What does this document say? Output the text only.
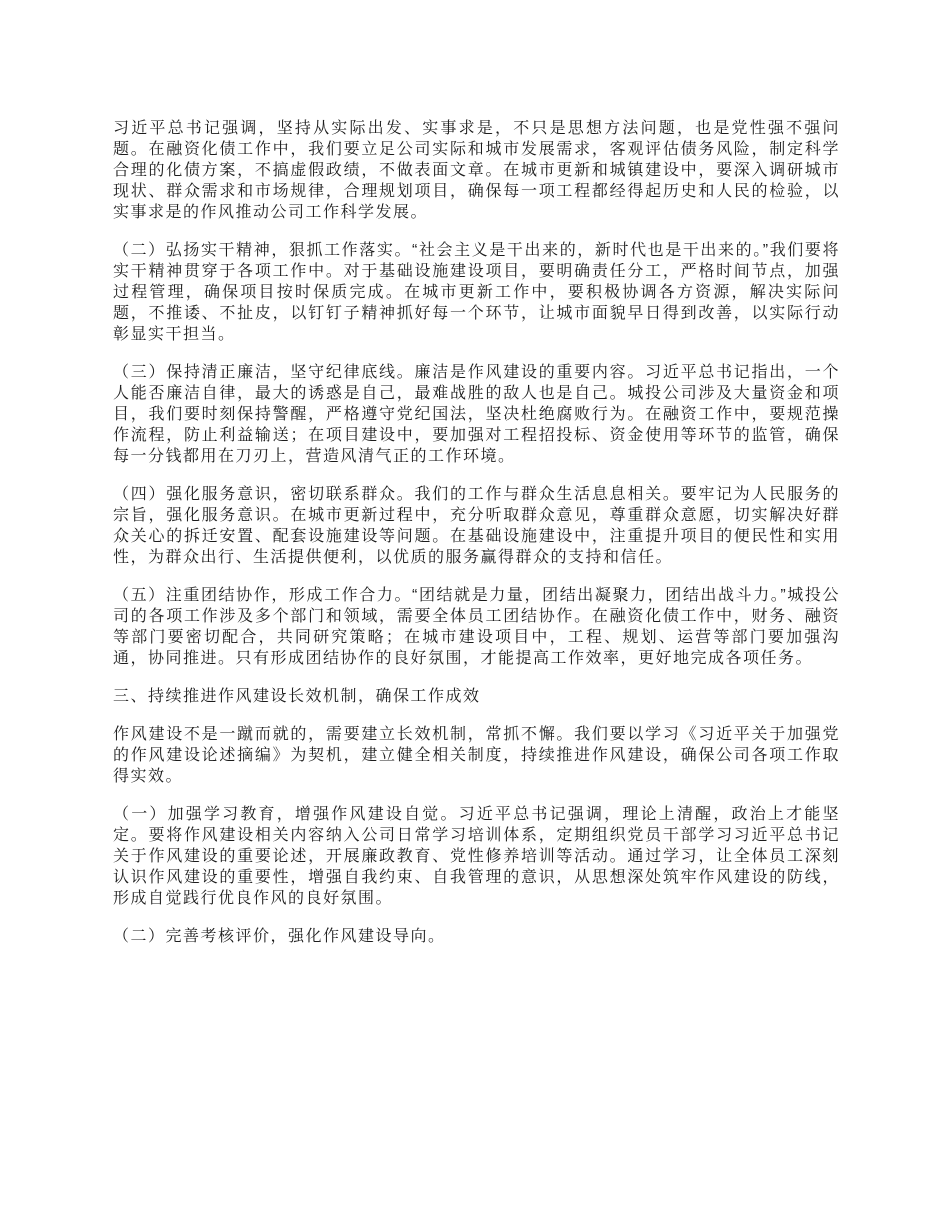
习近平总书记强调，坚持从实际出发、实事求是，不只是思想方法问题，也是党性强不强问题。在融资化债工作中，我们要立足公司实际和城市发展需求，客观评估债务风险，制定科学合理的化债方案，不搞虚假政绩，不做表面文章。在城市更新和城镇建设中，要深入调研城市现状、群众需求和市场规律，合理规划项目，确保每一项工程都经得起历史和人民的检验，以实事求是的作风推动公司工作科学发展。

（二）弘扬实干精神，狠抓工作落实。“社会主义是干出来的，新时代也是干出来的。”我们要将实干精神贯穿于各项工作中。对于基础设施建设项目，要明确责任分工，严格时间节点，加强过程管理，确保项目按时保质完成。在城市更新工作中，要积极协调各方资源，解决实际问题，不推诿、不扯皮，以钉钉子精神抓好每一个环节，让城市面貌早日得到改善，以实际行动彰显实干担当。

（三）保持清正廉洁，坚守纪律底线。廉洁是作风建设的重要内容。习近平总书记指出，一个人能否廉洁自律，最大的诱惑是自己，最难战胜的敌人也是自己。城投公司涉及大量资金和项目，我们要时刻保持警醒，严格遵守党纪国法，坚决杜绝腐败行为。在融资工作中，要规范操作流程，防止利益输送；在项目建设中，要加强对工程招投标、资金使用等环节的监管，确保每一分钱都用在刀刃上，营造风清气正的工作环境。

（四）强化服务意识，密切联系群众。我们的工作与群众生活息息相关。要牢记为人民服务的宗旨，强化服务意识。在城市更新过程中，充分听取群众意见，尊重群众意愿，切实解决好群众关心的拆迁安置、配套设施建设等问题。在基础设施建设中，注重提升项目的便民性和实用性，为群众出行、生活提供便利，以优质的服务赢得群众的支持和信任。

（五）注重团结协作，形成工作合力。“团结就是力量，团结出凝聚力，团结出战斗力。”城投公司的各项工作涉及多个部门和领域，需要全体员工团结协作。在融资化债工作中，财务、融资等部门要密切配合，共同研究策略；在城市建设项目中，工程、规划、运营等部门要加强沟通，协同推进。只有形成团结协作的良好氛围，才能提高工作效率，更好地完成各项任务。

三、持续推进作风建设长效机制，确保工作成效

作风建设不是一蹴而就的，需要建立长效机制，常抓不懈。我们要以学习《习近平关于加强党的作风建设论述摘编》为契机，建立健全相关制度，持续推进作风建设，确保公司各项工作取得实效。

（一）加强学习教育，增强作风建设自觉。习近平总书记强调，理论上清醒，政治上才能坚定。要将作风建设相关内容纳入公司日常学习培训体系，定期组织党员干部学习习近平总书记关于作风建设的重要论述，开展廉政教育、党性修养培训等活动。通过学习，让全体员工深刻认识作风建设的重要性，增强自我约束、自我管理的意识，从思想深处筑牢作风建设的防线，形成自觉践行优良作风的良好氛围。

（二）完善考核评价，强化作风建设导向。
